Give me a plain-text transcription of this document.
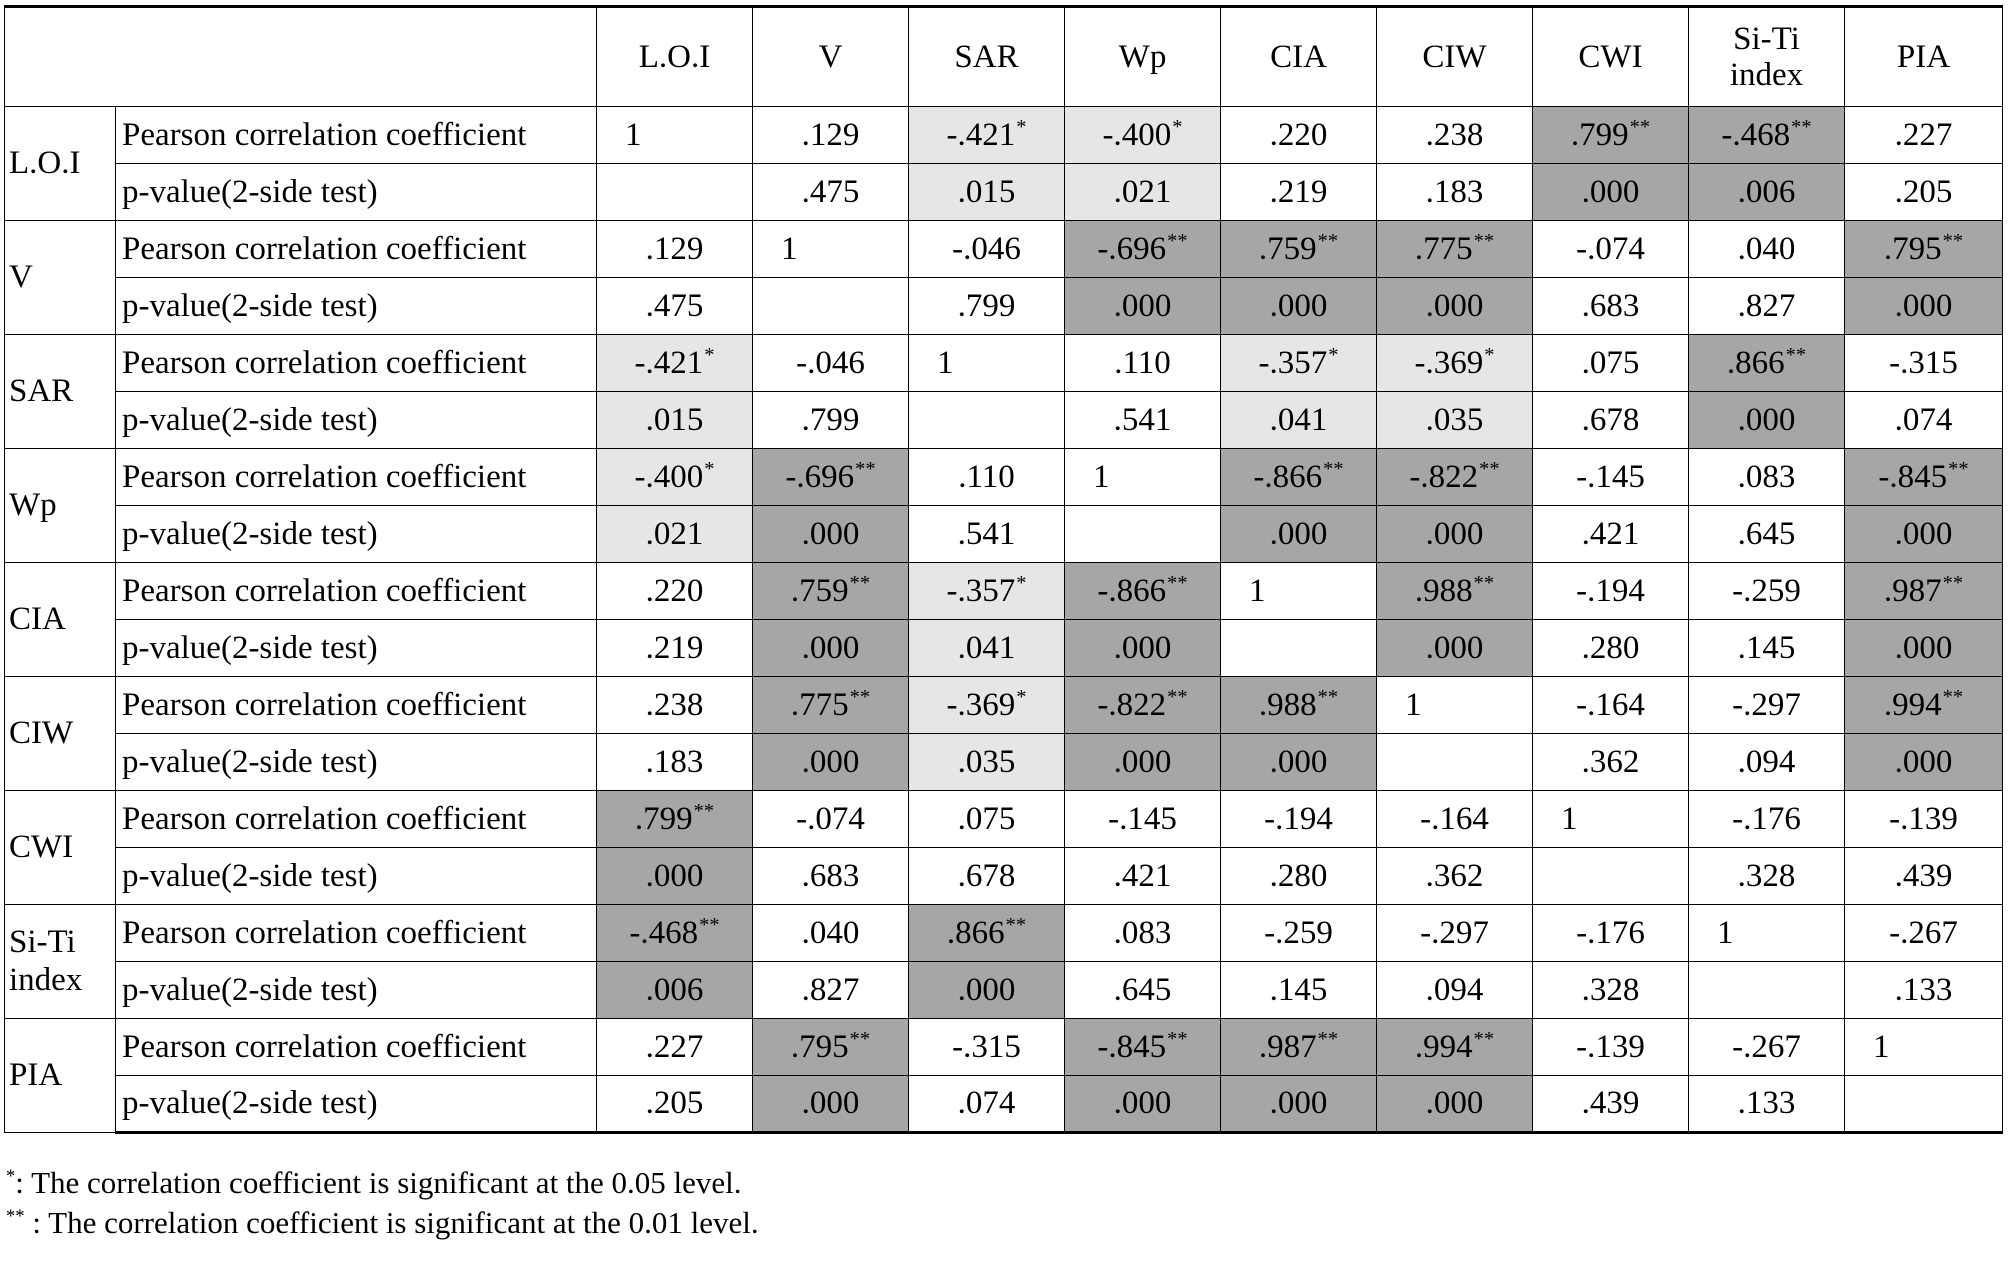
		L.O.I	V	SAR	Wp	CIA	CIW	CWI	Si-Ti index	PIA
L.O.I	Pearson correlation coefficient	1	.129	-.421*	-.400*	.220	.238	.799**	-.468**	.227
	p-value(2-side test)		.475	.015	.021	.219	.183	.000	.006	.205
V	Pearson correlation coefficient	.129	1	-.046	-.696**	.759**	.775**	-.074	.040	.795**
	p-value(2-side test)	.475		.799	.000	.000	.000	.683	.827	.000
SAR	Pearson correlation coefficient	-.421*	-.046	1	.110	-.357*	-.369*	.075	.866**	-.315
	p-value(2-side test)	.015	.799		.541	.041	.035	.678	.000	.074
Wp	Pearson correlation coefficient	-.400*	-.696**	.110	1	-.866**	-.822**	-.145	.083	-.845**
	p-value(2-side test)	.021	.000	.541		.000	.000	.421	.645	.000
CIA	Pearson correlation coefficient	.220	.759**	-.357*	-.866**	1	.988**	-.194	-.259	.987**
	p-value(2-side test)	.219	.000	.041	.000		.000	.280	.145	.000
CIW	Pearson correlation coefficient	.238	.775**	-.369*	-.822**	.988**	1	-.164	-.297	.994**
	p-value(2-side test)	.183	.000	.035	.000	.000		.362	.094	.000
CWI	Pearson correlation coefficient	.799**	-.074	.075	-.145	-.194	-.164	1	-.176	-.139
	p-value(2-side test)	.000	.683	.678	.421	.280	.362		.328	.439
Si-Ti index	Pearson correlation coefficient	-.468**	.040	.866**	.083	-.259	-.297	-.176	1	-.267
	p-value(2-side test)	.006	.827	.000	.645	.145	.094	.328		.133
PIA	Pearson correlation coefficient	.227	.795**	-.315	-.845**	.987**	.994**	-.139	-.267	1
	p-value(2-side test)	.205	.000	.074	.000	.000	.000	.439	.133	
*: The correlation coefficient is significant at the 0.05 level.
** : The correlation coefficient is significant at the 0.01 level.
